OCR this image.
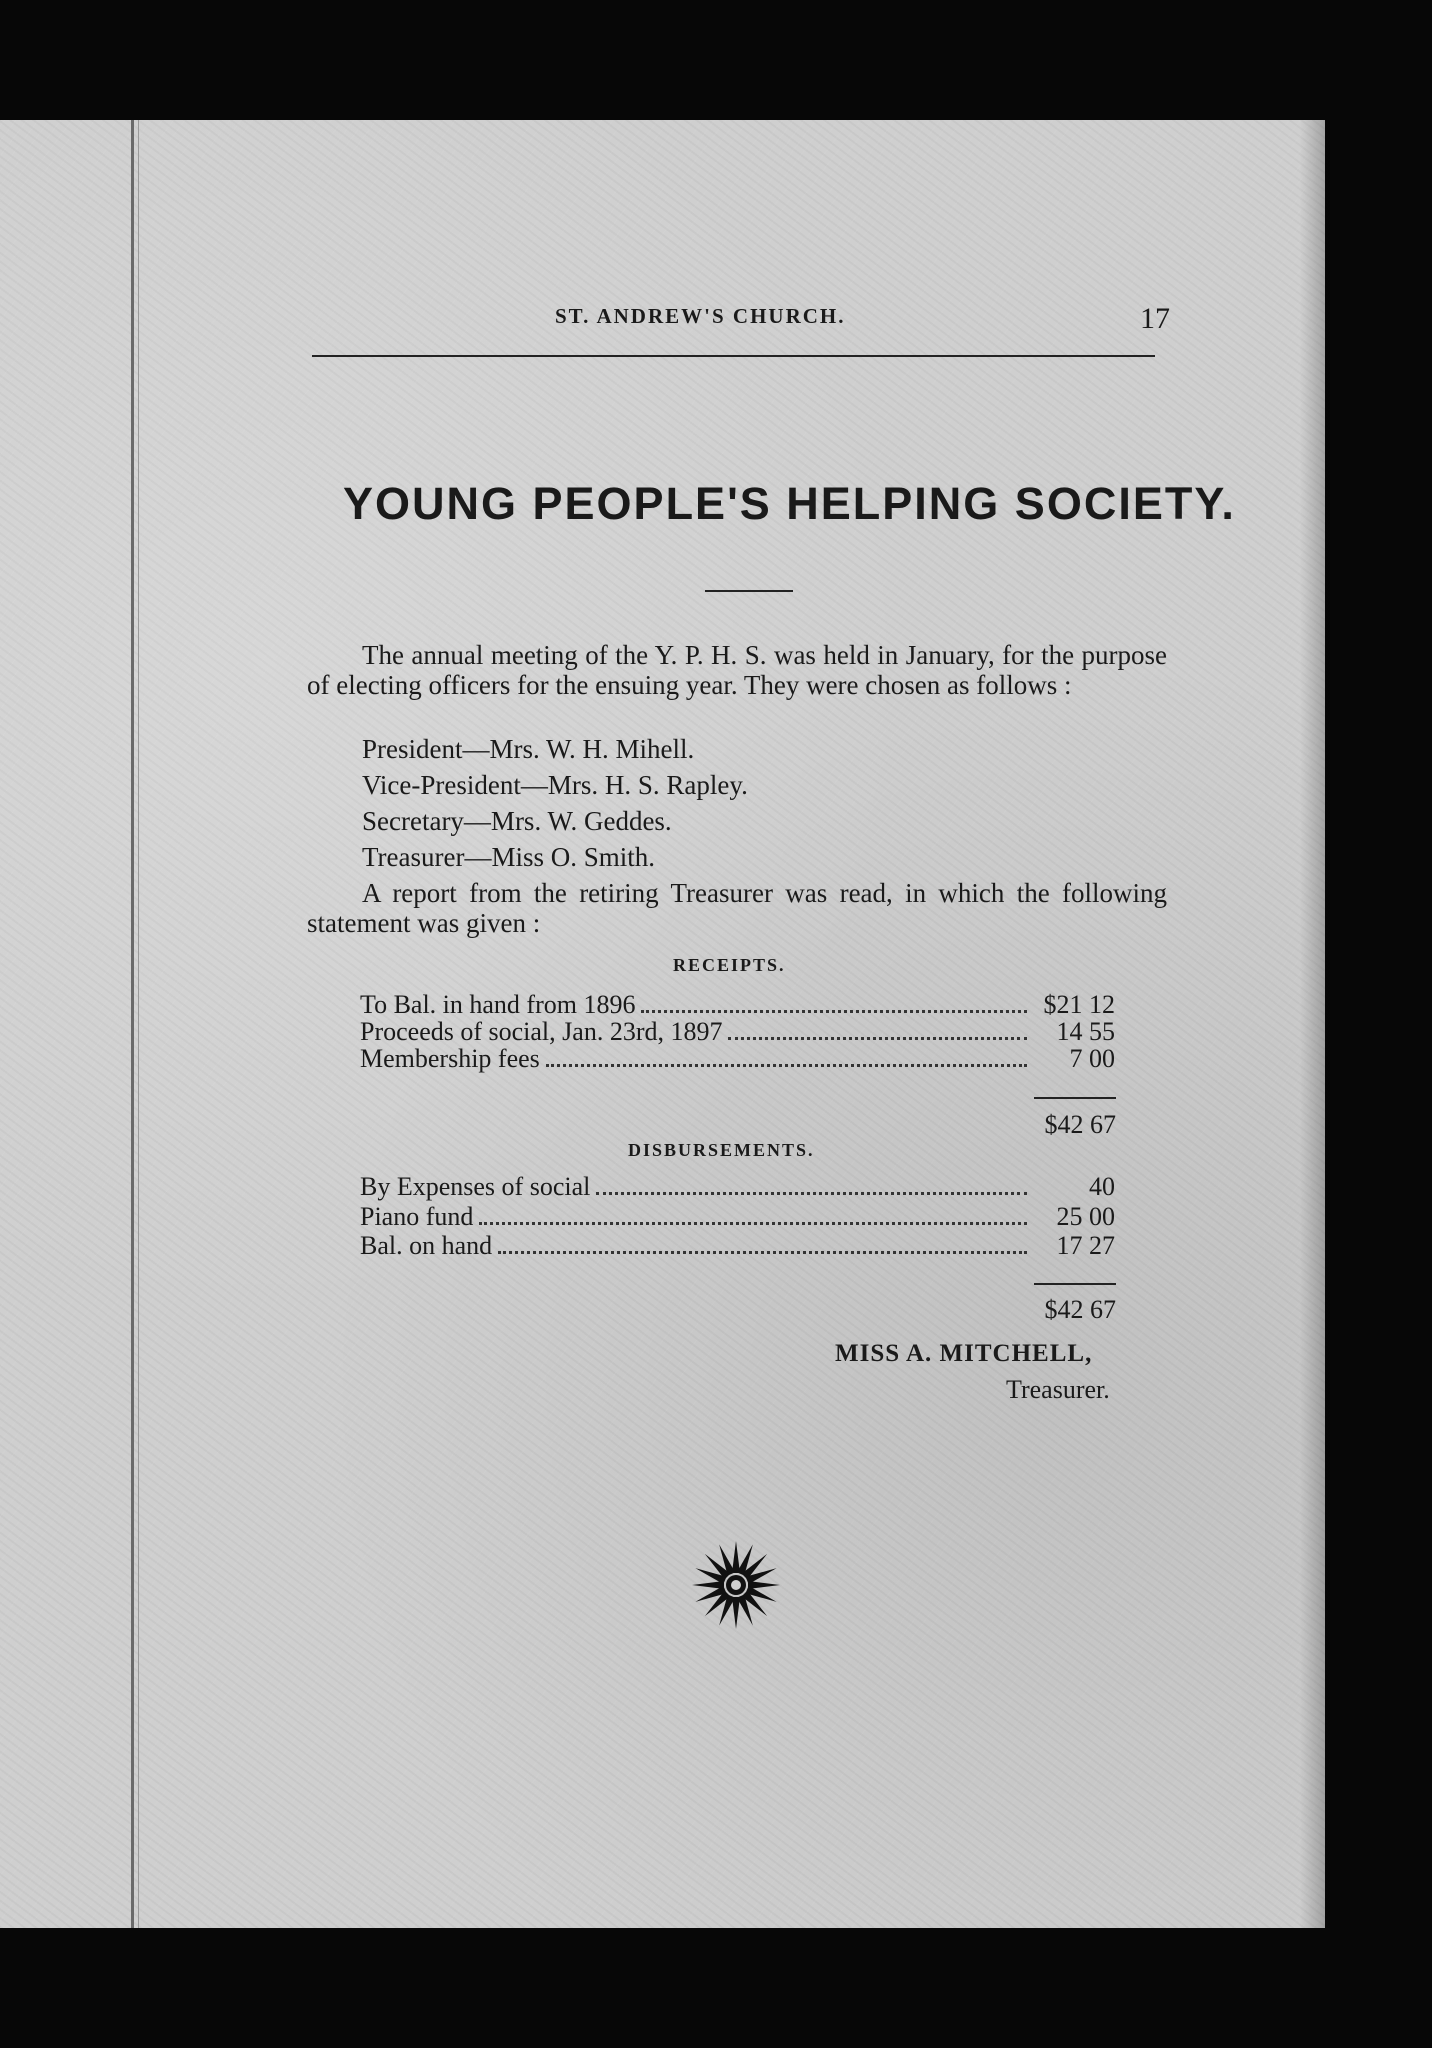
ST. ANDREW'S CHURCH.	17
YOUNG PEOPLE'S HELPING SOCIETY.
The annual meeting of the Y. P. H. S. was held in January, for the purpose of electing officers for the ensuing year. They were chosen as follows :
President—Mrs. W. H. Mihell.
Vice-President—Mrs. H. S. Rapley.
Secretary—Mrs. W. Geddes.
Treasurer—Miss O. Smith.
A report from the retiring Treasurer was read, in which the following statement was given :
RECEIPTS.
To Bal. in hand from 1896	$21 12
Proceeds of social, Jan. 23rd, 1897	14 55
Membership fees	7 00
$42 67
DISBURSEMENTS.
By Expenses of social	40
Piano fund	25 00
Bal. on hand	17 27
$42 67
MISS A. MITCHELL,
Treasurer.
